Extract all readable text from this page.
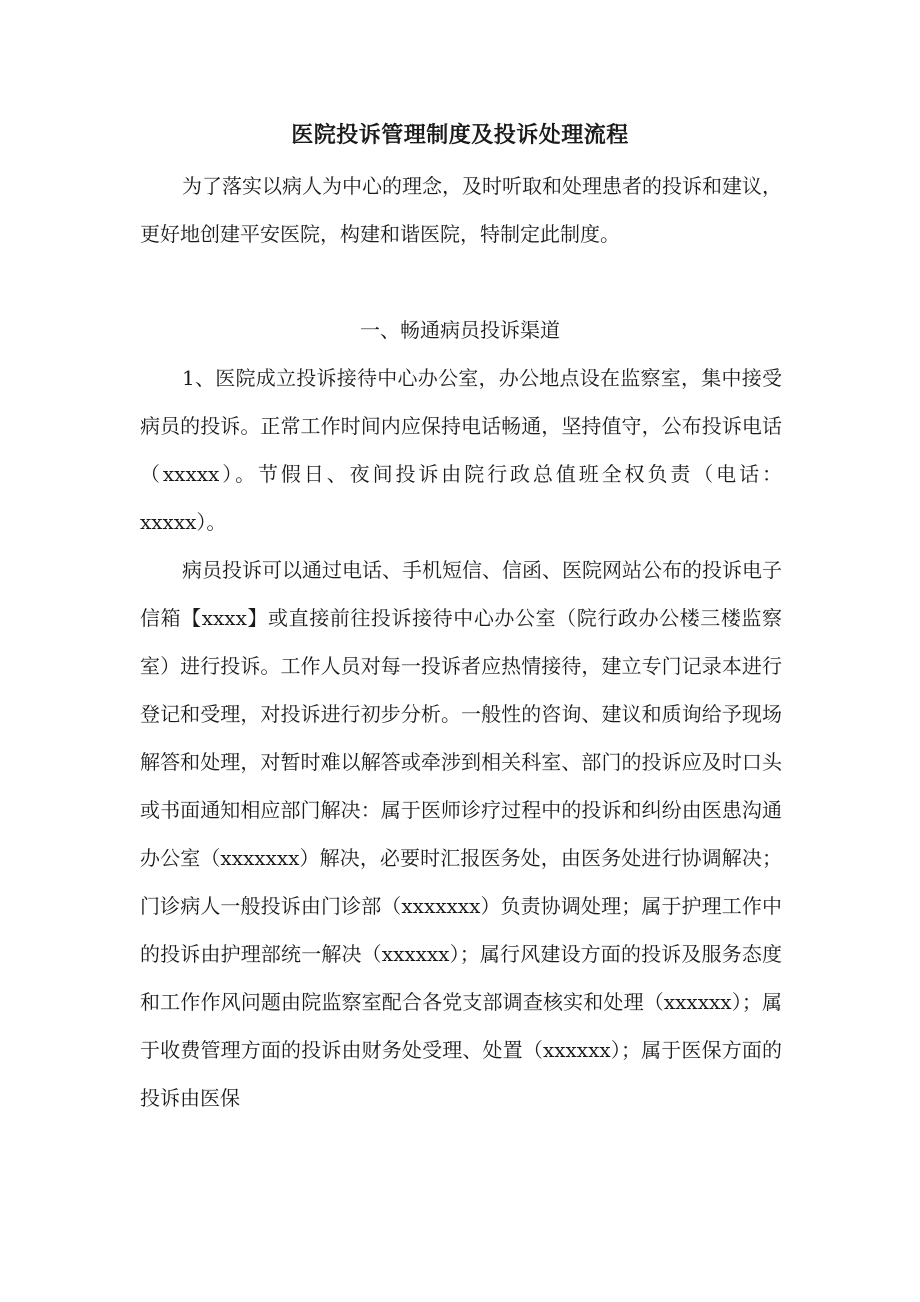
医院投诉管理制度及投诉处理流程

为了落实以病人为中心的理念，及时听取和处理患者的投诉和建议，更好地创建平安医院，构建和谐医院，特制定此制度。

一、畅通病员投诉渠道

1、医院成立投诉接待中心办公室，办公地点设在监察室，集中接受病员的投诉。正常工作时间内应保持电话畅通，坚持值守，公布投诉电话（xxxxx）。节假日、夜间投诉由院行政总值班全权负责（电话：xxxxx）。

病员投诉可以通过电话、手机短信、信函、医院网站公布的投诉电子信箱【xxxx】或直接前往投诉接待中心办公室（院行政办公楼三楼监察室）进行投诉。工作人员对每一投诉者应热情接待，建立专门记录本进行登记和受理，对投诉进行初步分析。一般性的咨询、建议和质询给予现场解答和处理，对暂时难以解答或牵涉到相关科室、部门的投诉应及时口头或书面通知相应部门解决：属于医师诊疗过程中的投诉和纠纷由医患沟通办公室（xxxxxxx）解决，必要时汇报医务处，由医务处进行协调解决；门诊病人一般投诉由门诊部（xxxxxxx）负责协调处理；属于护理工作中的投诉由护理部统一解决（xxxxxx）；属行风建设方面的投诉及服务态度和工作作风问题由院监察室配合各党支部调查核实和处理（xxxxxx）；属于收费管理方面的投诉由财务处受理、处置（xxxxxx）；属于医保方面的投诉由医保
